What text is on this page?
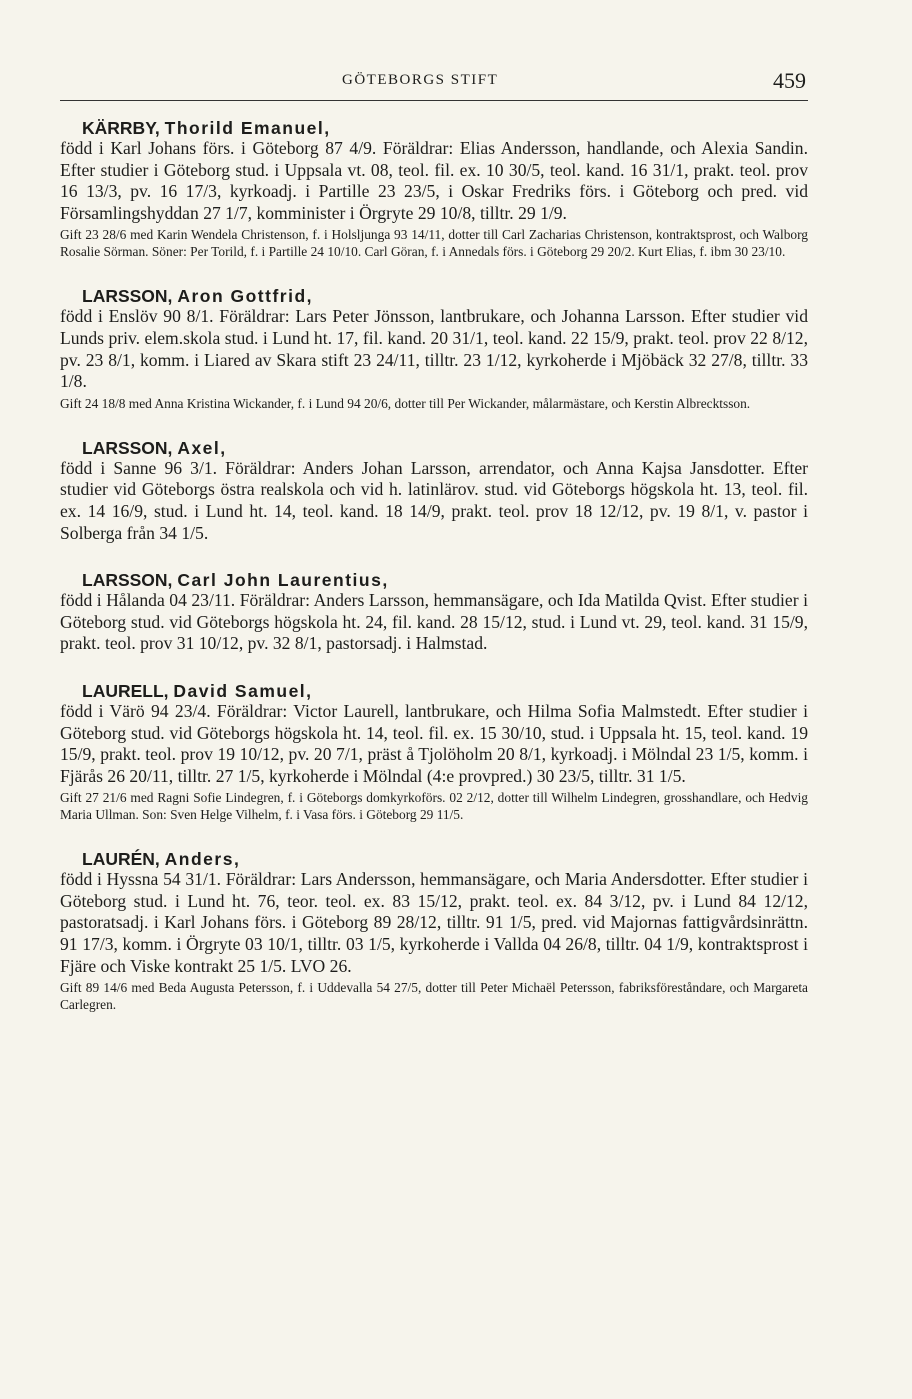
GÖTEBORGS STIFT	459
KÄRRBY, Thorild Emanuel,

född i Karl Johans förs. i Göteborg 87 4/9. Föräldrar: Elias Andersson, handlande, och Alexia Sandin. Efter studier i Göteborg stud. i Uppsala vt. 08, teol. fil. ex. 10 30/5, teol. kand. 16 31/1, prakt. teol. prov 16 13/3, pv. 16 17/3, kyrkoadj. i Partille 23 23/5, i Oskar Fredriks förs. i Göteborg och pred. vid Församlingshyddan 27 1/7, komminister i Örgryte 29 10/8, tilltr. 29 1/9.

Gift 23 28/6 med Karin Wendela Christenson, f. i Holsljunga 93 14/11, dotter till Carl Zacharias Christenson, kontraktsprost, och Walborg Rosalie Sörman. Söner: Per Torild, f. i Partille 24 10/10. Carl Göran, f. i Annedals förs. i Göteborg 29 20/2. Kurt Elias, f. ibm 30 23/10.

LARSSON, Aron Gottfrid,

född i Enslöv 90 8/1. Föräldrar: Lars Peter Jönsson, lantbrukare, och Johanna Larsson. Efter studier vid Lunds priv. elem.skola stud. i Lund ht. 17, fil. kand. 20 31/1, teol. kand. 22 15/9, prakt. teol. prov 22 8/12, pv. 23 8/1, komm. i Liared av Skara stift 23 24/11, tilltr. 23 1/12, kyrkoherde i Mjöbäck 32 27/8, tilltr. 33 1/8.

Gift 24 18/8 med Anna Kristina Wickander, f. i Lund 94 20/6, dotter till Per Wickander, målarmästare, och Kerstin Albrecktsson.

LARSSON, Axel,

född i Sanne 96 3/1. Föräldrar: Anders Johan Larsson, arrendator, och Anna Kajsa Jansdotter. Efter studier vid Göteborgs östra realskola och vid h. latinlärov. stud. vid Göteborgs högskola ht. 13, teol. fil. ex. 14 16/9, stud. i Lund ht. 14, teol. kand. 18 14/9, prakt. teol. prov 18 12/12, pv. 19 8/1, v. pastor i Solberga från 34 1/5.

LARSSON, Carl John Laurentius,

född i Hålanda 04 23/11. Föräldrar: Anders Larsson, hemmansägare, och Ida Matilda Qvist. Efter studier i Göteborg stud. vid Göteborgs högskola ht. 24, fil. kand. 28 15/12, stud. i Lund vt. 29, teol. kand. 31 15/9, prakt. teol. prov 31 10/12, pv. 32 8/1, pastorsadj. i Halmstad.

LAURELL, David Samuel,

född i Värö 94 23/4. Föräldrar: Victor Laurell, lantbrukare, och Hilma Sofia Malmstedt. Efter studier i Göteborg stud. vid Göteborgs högskola ht. 14, teol. fil. ex. 15 30/10, stud. i Uppsala ht. 15, teol. kand. 19 15/9, prakt. teol. prov 19 10/12, pv. 20 7/1, präst å Tjolöholm 20 8/1, kyrkoadj. i Mölndal 23 1/5, komm. i Fjärås 26 20/11, tilltr. 27 1/5, kyrkoherde i Mölndal (4:e provpred.) 30 23/5, tilltr. 31 1/5.

Gift 27 21/6 med Ragni Sofie Lindegren, f. i Göteborgs domkyrkoförs. 02 2/12, dotter till Wilhelm Lindegren, grosshandlare, och Hedvig Maria Ullman. Son: Sven Helge Vilhelm, f. i Vasa förs. i Göteborg 29 11/5.

LAURÉN, Anders,

född i Hyssna 54 31/1. Föräldrar: Lars Andersson, hemmansägare, och Maria Andersdotter. Efter studier i Göteborg stud. i Lund ht. 76, teor. teol. ex. 83 15/12, prakt. teol. ex. 84 3/12, pv. i Lund 84 12/12, pastoratsadj. i Karl Johans förs. i Göteborg 89 28/12, tilltr. 91 1/5, pred. vid Majornas fattigvårdsinrättn. 91 17/3, komm. i Örgryte 03 10/1, tilltr. 03 1/5, kyrkoherde i Vallda 04 26/8, tilltr. 04 1/9, kontraktsprost i Fjäre och Viske kontrakt 25 1/5. LVO 26.

Gift 89 14/6 med Beda Augusta Petersson, f. i Uddevalla 54 27/5, dotter till Peter Michaël Petersson, fabriksföreståndare, och Margareta Carlegren.
